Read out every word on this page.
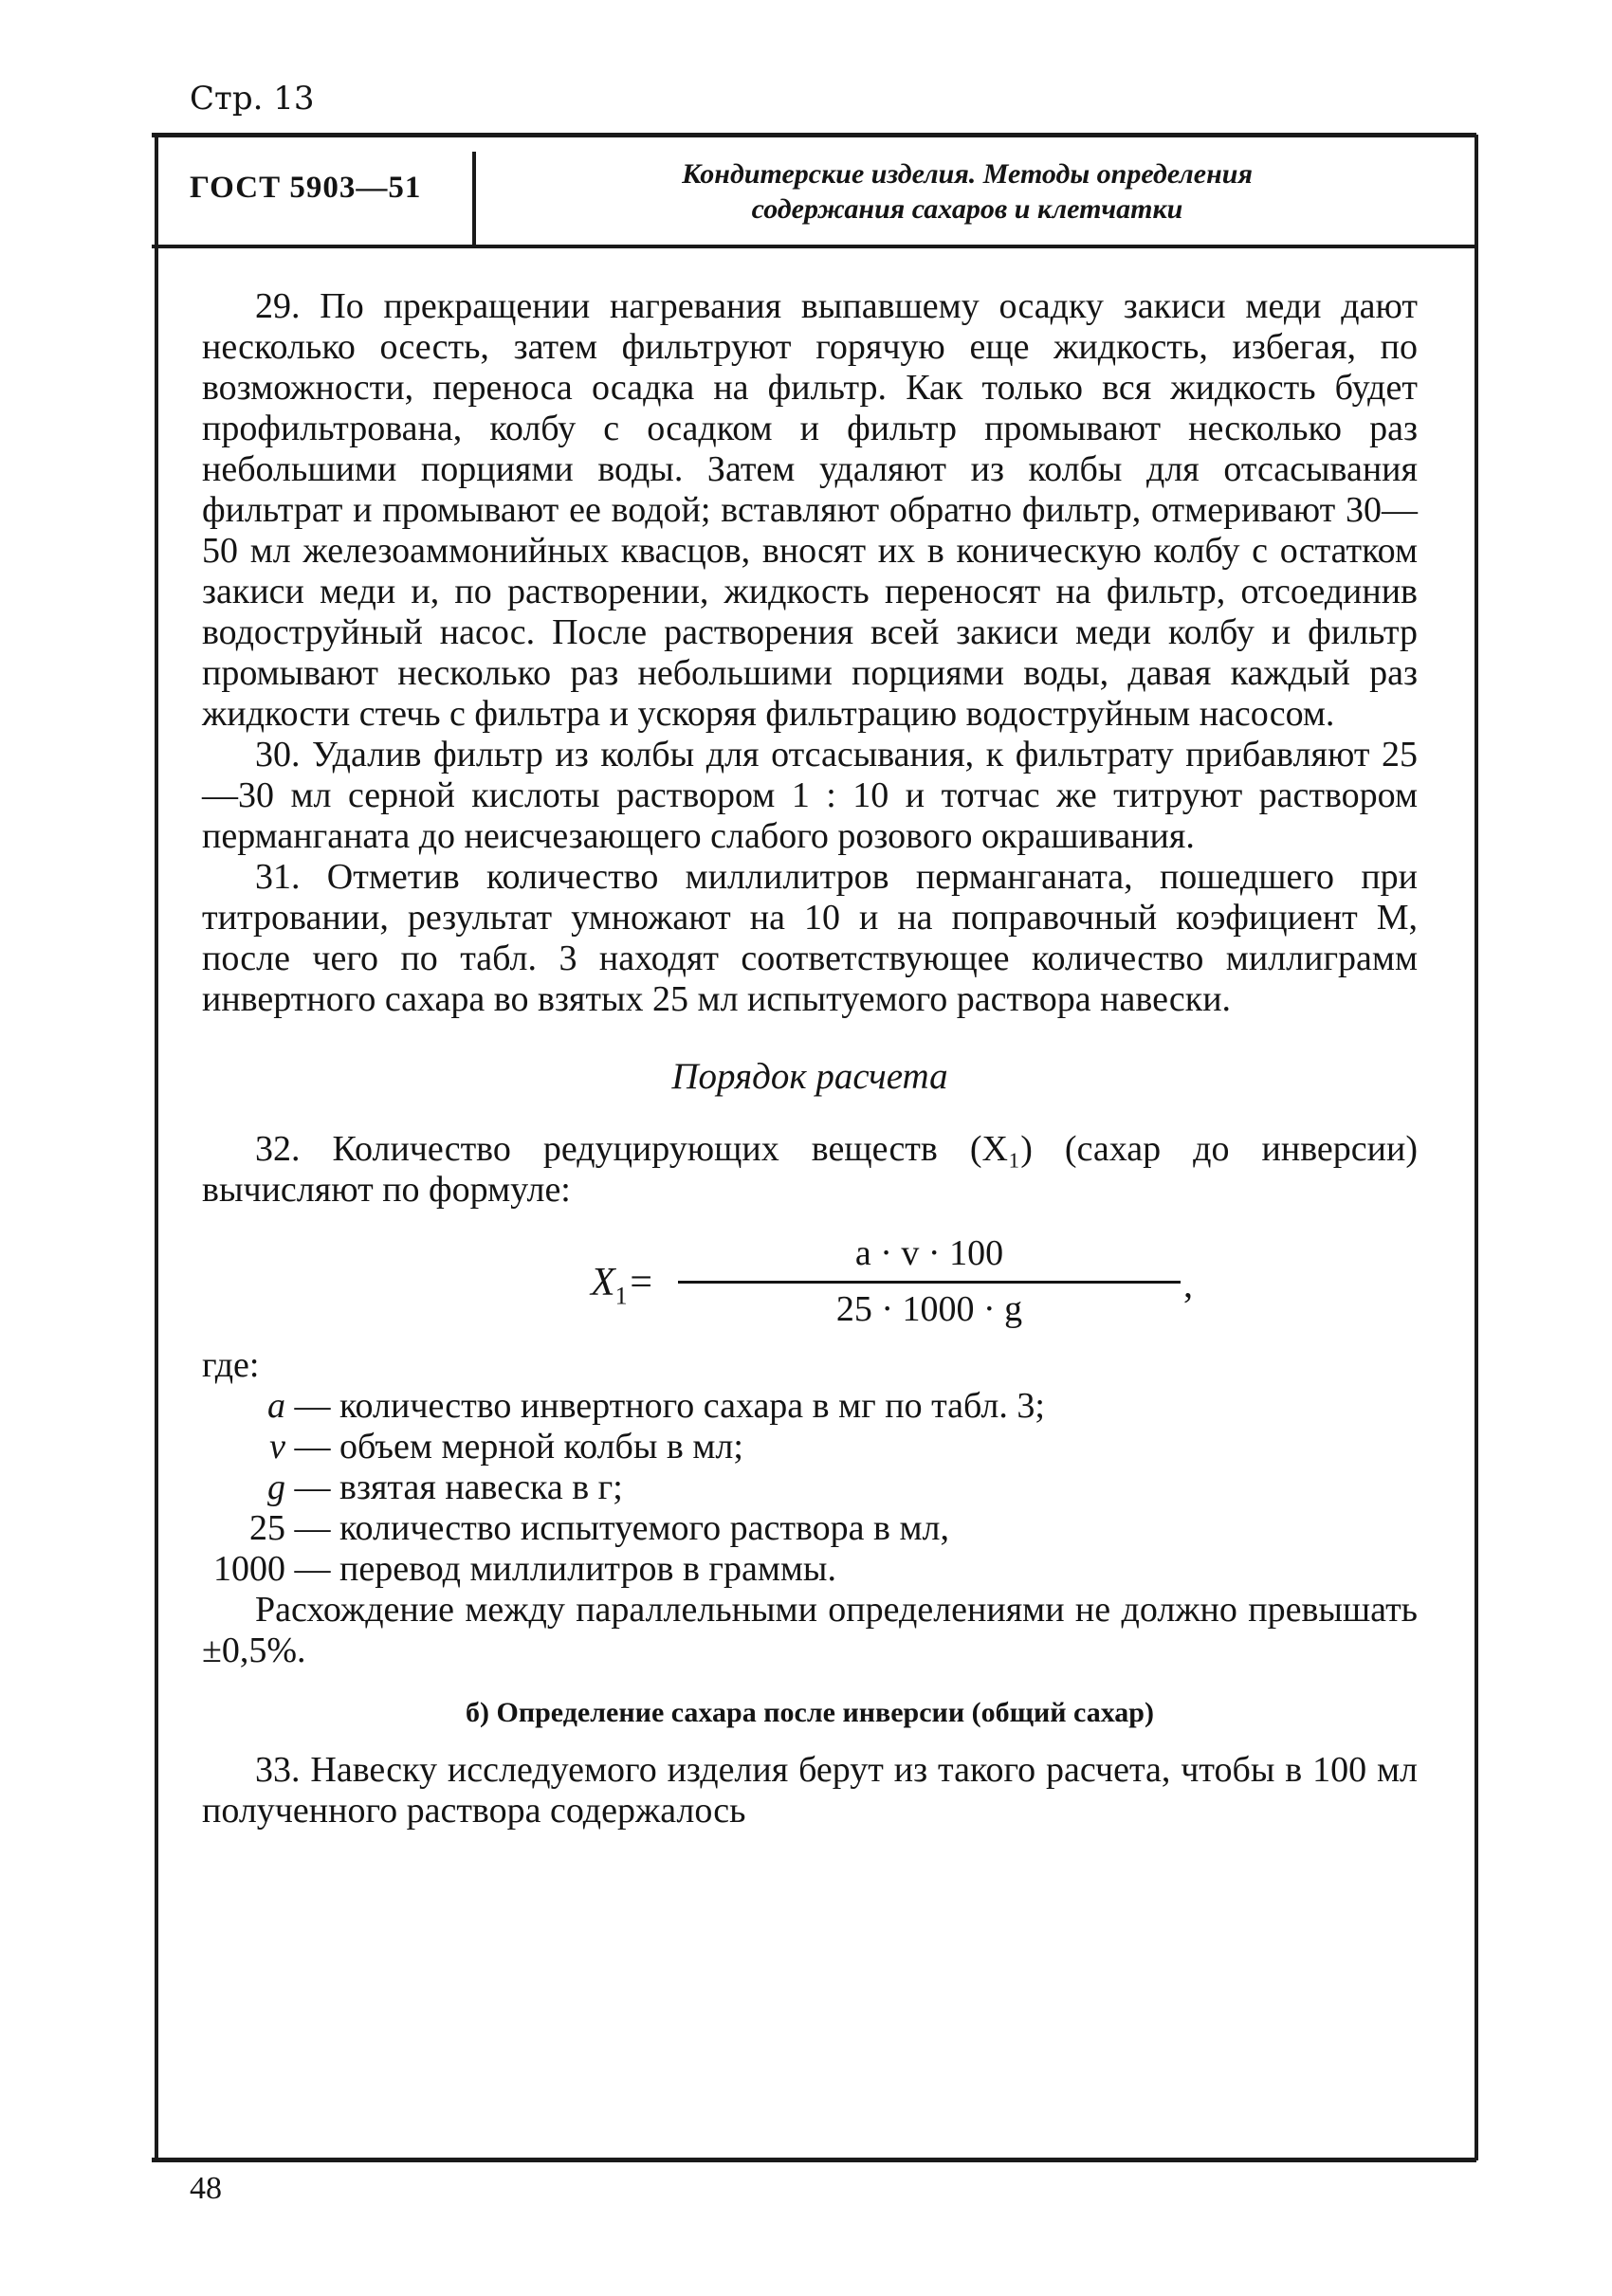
Стр. 13
ГОСТ 5903—51	Кондитерские изделия. Методы определения
содержания сахаров и клетчатки

29. По прекращении нагревания выпавшему осадку закиси меди дают несколько осесть, затем фильтруют горячую еще жидкость, избегая, по возможности, переноса осадка на фильтр. Как только вся жидкость будет профильтрована, колбу с осадком и фильтр промывают несколько раз небольшими порциями воды. Затем удаляют из колбы для отсасывания фильтрат и промывают ее водой; вставляют обратно фильтр, отмеривают 30—50 мл железоаммонийных квасцов, вносят их в коническую колбу с остатком закиси меди и, по растворении, жидкость переносят на фильтр, отсоединив водоструйный насос. После растворения всей закиси меди колбу и фильтр промывают несколько раз небольшими порциями воды, давая каждый раз жидкости стечь с фильтра и ускоряя фильтрацию водоструйным насосом.

30. Удалив фильтр из колбы для отсасывания, к фильтрату прибавляют 25—30 мл серной кислоты раствором 1 : 10 и тотчас же титруют раствором перманганата до неисчезающего слабого розового окрашивания.

31. Отметив количество миллилитров перманганата, пошедшего при титровании, результат умножают на 10 и на поправочный коэфициент М, после чего по табл. 3 находят соответствующее количество миллиграмм инвертного сахара во взятых 25 мл испытуемого раствора навески.

Порядок расчета

32. Количество редуцирующих веществ (X₁) (сахар до инверсии) вычисляют по формуле:

$X_1= \frac{a \cdot v \cdot 100}{25 \cdot 1000 \cdot g}$ ,

где:

a — количество инвертного сахара в мг по табл. 3;

v — объем мерной колбы в мл;

g — взятая навеска в г;

25 — количество испытуемого раствора в мл,

1000 — перевод миллилитров в граммы.

Расхождение между параллельными определениями не должно превышать ±0,5%.

б) Определение сахара после инверсии (общий сахар)

33. Навеску исследуемого изделия берут из такого расчета, чтобы в 100 мл полученного раствора содержалось

48
